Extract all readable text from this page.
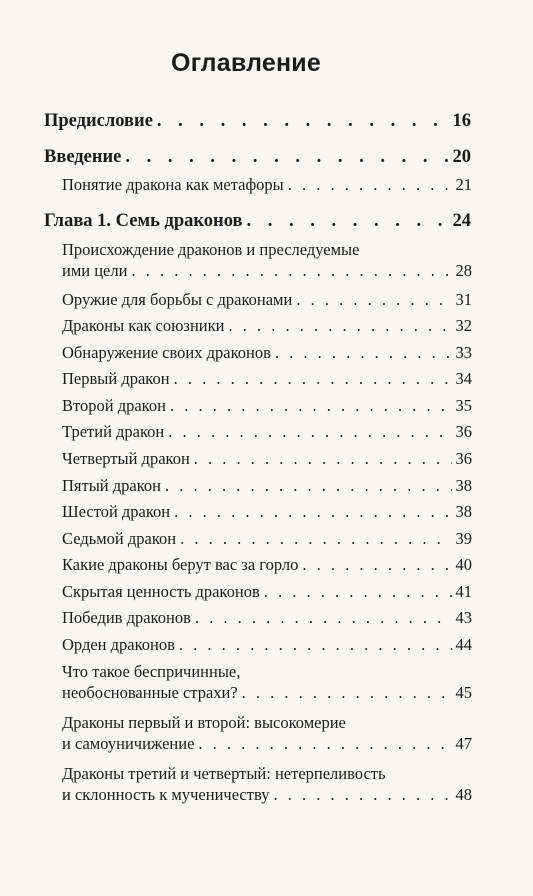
Оглавление
Предисловие . . .	16
Введение . . .	20
Понятие дракона как метафоры . . .	21
Глава 1. Семь драконов . . .	24
Происхождение драконов и преследуемые
ими цели . . .	28
Оружие для борьбы с драконами . . .	31
Драконы как союзники . . .	32
Обнаружение своих драконов . . .	33
Первый дракон . . .	34
Второй дракон . . .	35
Третий дракон . . .	36
Четвертый дракон . . .	36
Пятый дракон . . .	38
Шестой дракон . . .	38
Седьмой дракон . . .	39
Какие драконы берут вас за горло . . .	40
Скрытая ценность драконов . . .	41
Победив драконов . . .	43
Орден драконов . . .	44
Что такое беспричинные,
необоснованные страхи? . . .	45
Драконы первый и второй: высокомерие
и самоуничижение . . .	47
Драконы третий и четвертый: нетерпеливость
и склонность к мученичеству . . .	48
